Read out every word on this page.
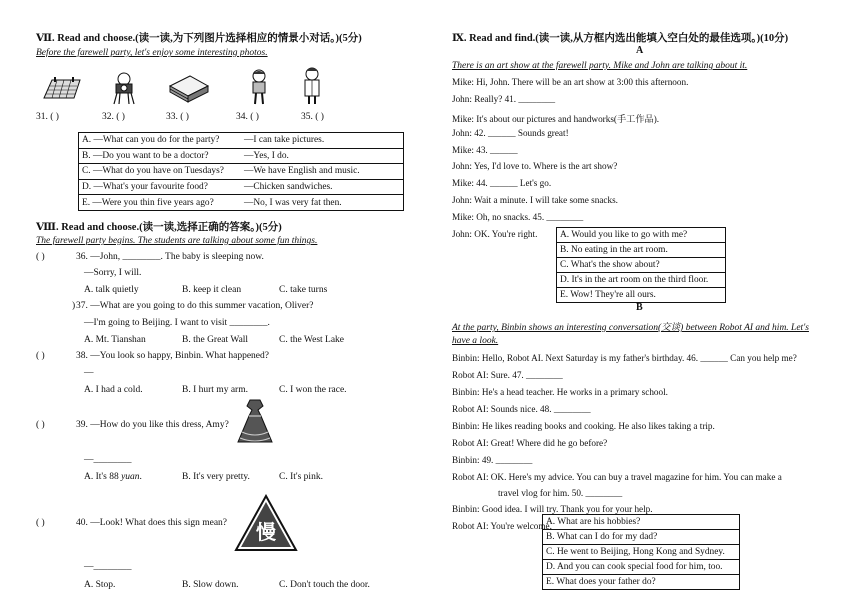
Ⅶ. Read and choose.(读一读,为下列图片选择相应的情景小对话。)(5分)
Before the farewell party, let's enjoy some interesting photos.
31. ( )	32. ( )	33. ( )	34. ( )	35. ( )
A. —What can you do for the party?	—I can take pictures.
B. —Do you want to be a doctor?	—Yes, I do.
C. —What do you have on Tuesdays?	—We have English and music.
D. —What's your favourite food?	—Chicken sandwiches.
E. —Were you thin five years ago?	—No, I was very fat then.
Ⅷ. Read and choose.(读一读,选择正确的答案。)(5分)
The farewell party begins. The students are talking about some fun things.
( )	36. —John, ________. The baby is sleeping now.
—Sorry, I will.
A. talk quietly	B. keep it clean	C. take turns
) 37. —What are you going to do this summer vacation, Oliver?
—I'm going to Beijing. I want to visit ________.
A. Mt. Tianshan	B. the Great Wall	C. the West Lake
( )	38. —You look so happy, Binbin. What happened?
—
A. I had a cold.	B. I hurt my arm.	C. I won the race.
( )	39. —How do you like this dress, Amy?
—________
A. It's 88 yuan.	B. It's very pretty.	C. It's pink.
( )	40. —Look! What does this sign mean?	慢
—________
A. Stop.	B. Slow down.	C. Don't touch the door.
Ⅸ. Read and find.(读一读,从方框内选出能填入空白处的最佳选项。)(10分)
A
There is an art show at the farewell party. Mike and John are talking about it.
Mike: Hi, John. There will be an art show at 3:00 this afternoon.
John: Really? 41. ________
Mike: It's about our pictures and handworks(手工作品).
John: 42. ______ Sounds great!
Mike: 43. ______
John: Yes, I'd love to. Where is the art show?
Mike: 44. ______ Let's go.
John: Wait a minute. I will take some snacks.
Mike: Oh, no snacks. 45. ________
John: OK. You're right.	A. Would you like to go with me?
B. No eating in the art room.
C. What's the show about?
D. It's in the art room on the third floor.
E. Wow! They're all ours.
B
At the party, Binbin shows an interesting conversation(交谈) between Robot AI and him. Let's
have a look.
Binbin: Hello, Robot AI. Next Saturday is my father's birthday. 46. ______ Can you help me?
Robot AI: Sure. 47. ________
Binbin: He's a head teacher. He works in a primary school.
Robot AI: Sounds nice. 48. ________
Binbin: He likes reading books and cooking. He also likes taking a trip.
Robot AI: Great! Where did he go before?
Binbin: 49. ________
Robot AI: OK. Here's my advice. You can buy a travel magazine for him. You can make a
travel vlog for him. 50. ________
Binbin: Good idea. I will try. Thank you for your help.
Robot AI: You're welcome.
A. What are his hobbies?
B. What can I do for my dad?
C. He went to Beijing, Hong Kong and Sydney.
D. And you can cook special food for him, too.
E. What does your father do?
